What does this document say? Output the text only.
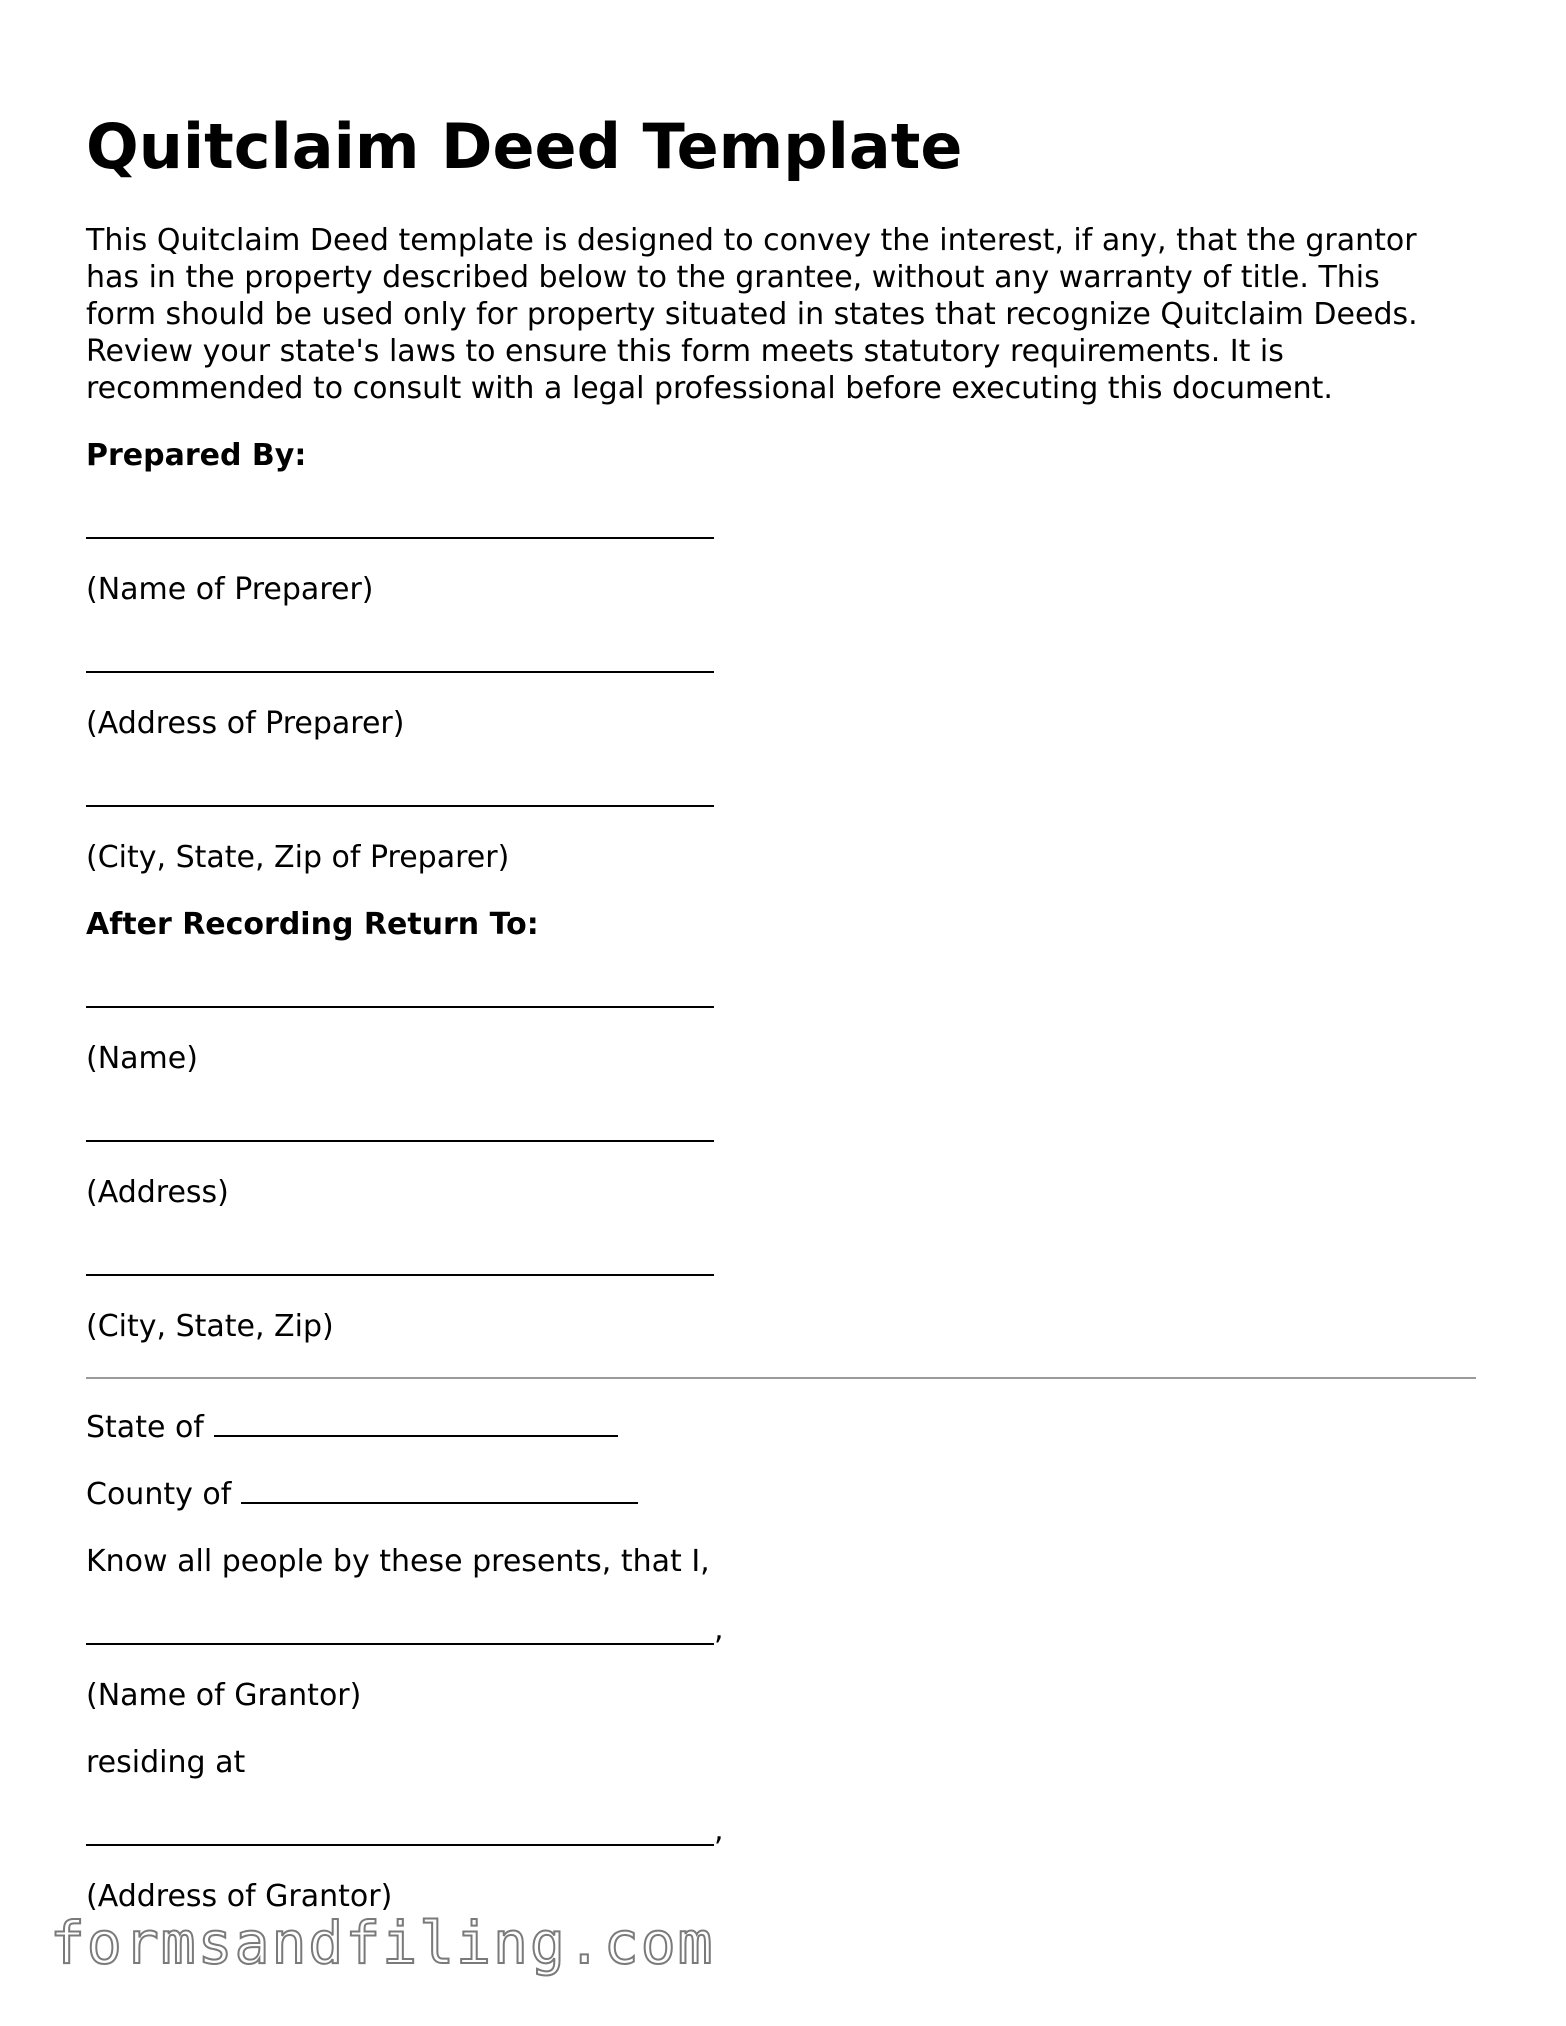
Quitclaim Deed Template

This Quitclaim Deed template is designed to convey the interest, if any, that the grantor
has in the property described below to the grantee, without any warranty of title. This
form should be used only for property situated in states that recognize Quitclaim Deeds.
Review your state's laws to ensure this form meets statutory requirements. It is
recommended to consult with a legal professional before executing this document.

Prepared By:
(Name of Preparer)
(Address of Preparer)
(City, State, Zip of Preparer)
After Recording Return To:
(Name)
(Address)
(City, State, Zip)
State of
County of
Know all people by these presents, that I,
,
(Name of Grantor)
residing at
,
(Address of Grantor)
formsandfiling.com
